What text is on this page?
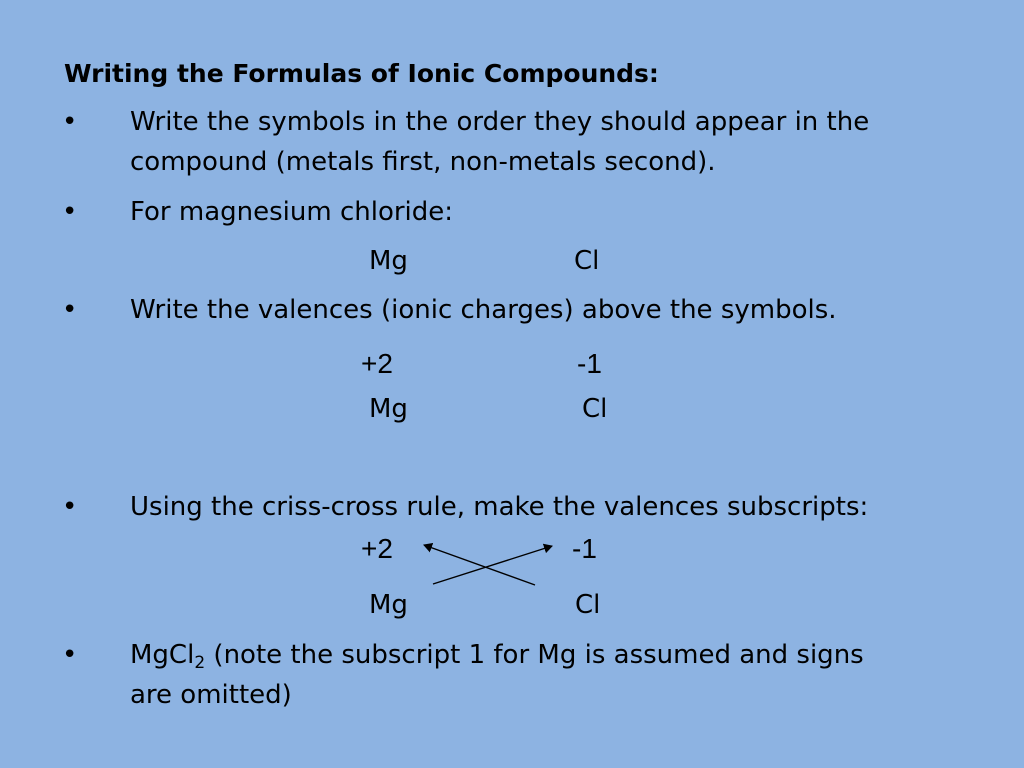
Writing the Formulas of Ionic Compounds:
• Write the symbols in the order they should appear in the
compound (metals first, non-metals second).
• For magnesium chloride:
Mg	Cl
• Write the valences (ionic charges) above the symbols.
+2	-1
Mg	Cl
• Using the criss-cross rule, make the valences subscripts:
+2	-1
Mg	Cl
• MgCl$_2$ (note the subscript 1 for Mg is assumed and signs
are omitted)
